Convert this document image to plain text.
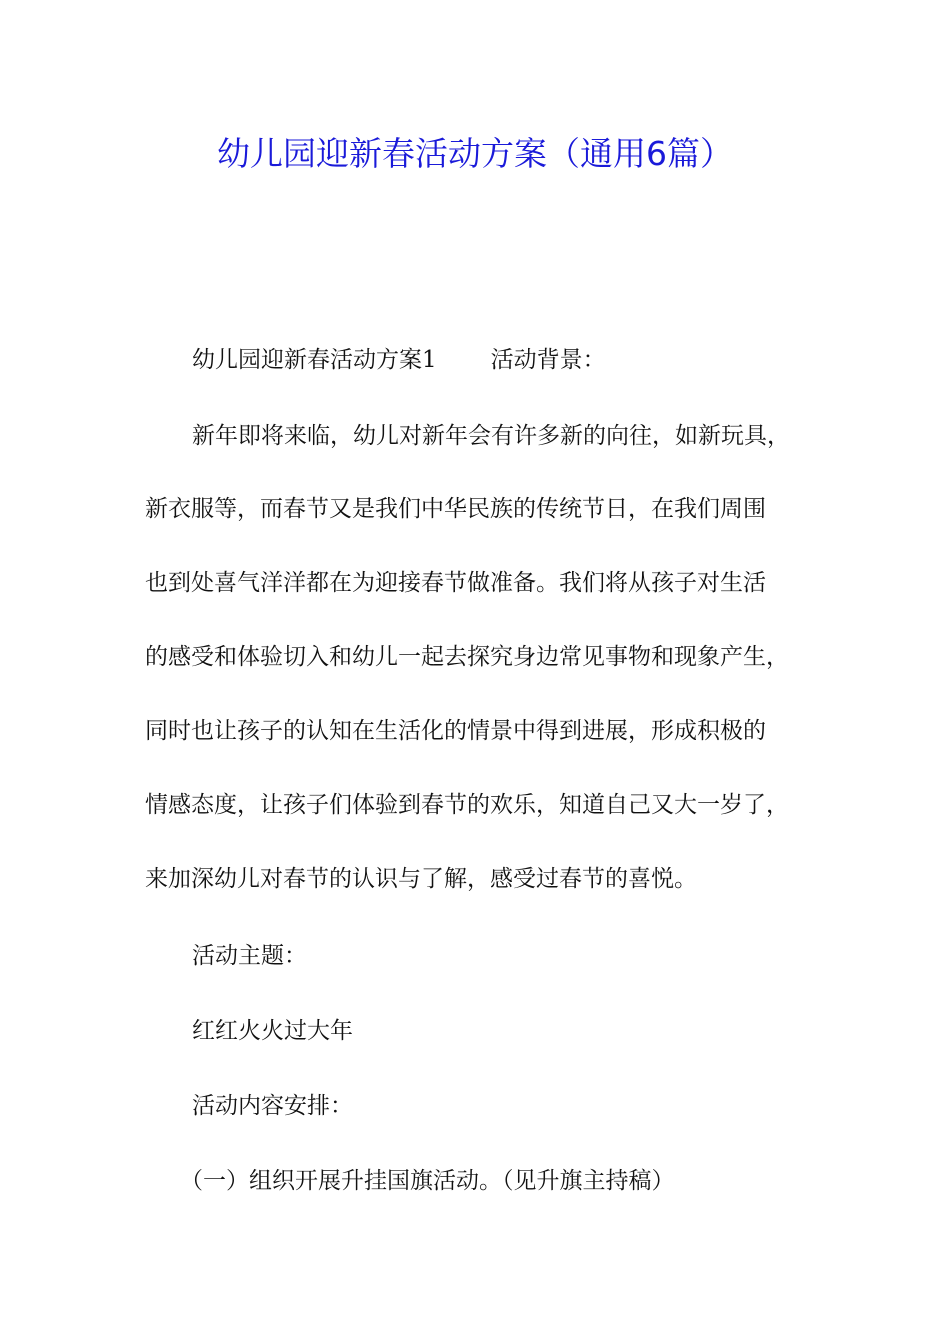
幼儿园迎新春活动方案（通用6篇）
幼儿园迎新春活动方案1 活动背景：
新年即将来临，幼儿对新年会有许多新的向往，如新玩具，
新衣服等，而春节又是我们中华民族的传统节日，在我们周围
也到处喜气洋洋都在为迎接春节做准备。我们将从孩子对生活
的感受和体验切入和幼儿一起去探究身边常见事物和现象产生，
同时也让孩子的认知在生活化的情景中得到进展，形成积极的
情感态度，让孩子们体验到春节的欢乐，知道自己又大一岁了，
来加深幼儿对春节的认识与了解，感受过春节的喜悦。
活动主题：
红红火火过大年
活动内容安排：
（一）组织开展升挂国旗活动。（见升旗主持稿）
